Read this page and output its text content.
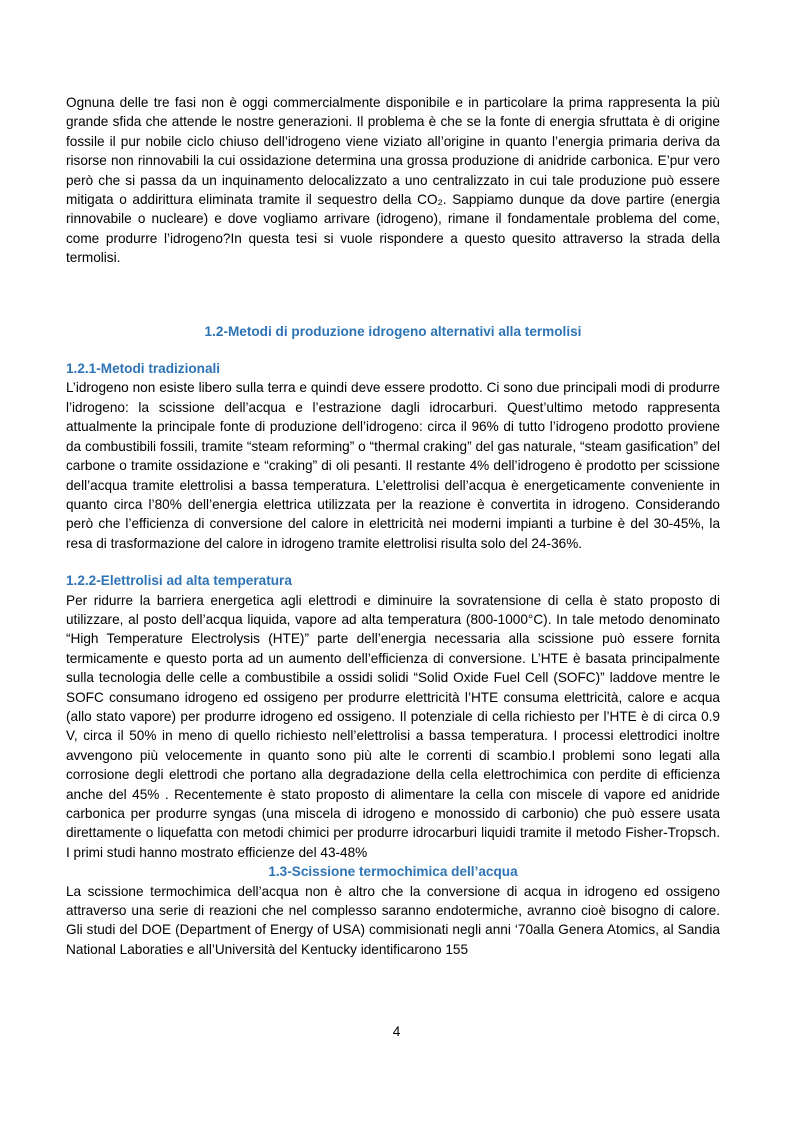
Ognuna delle tre fasi non è oggi commercialmente disponibile e in particolare la prima rappresenta la più grande sfida che attende le nostre generazioni. Il problema è che se la fonte di energia sfruttata è di origine fossile il pur nobile ciclo chiuso dell’idrogeno viene viziato all’origine in quanto l’energia primaria deriva da risorse non rinnovabili la cui ossidazione determina una grossa produzione di anidride carbonica. E’pur vero però che si passa da un inquinamento delocalizzato a uno centralizzato in cui tale produzione può essere mitigata o addirittura eliminata tramite il sequestro della CO₂. Sappiamo dunque da dove partire (energia rinnovabile o nucleare) e dove vogliamo arrivare (idrogeno), rimane il fondamentale problema del come, come produrre l’idrogeno?In questa tesi si vuole rispondere a questo quesito attraverso la strada della termolisi.

1.2-Metodi di produzione idrogeno alternativi alla termolisi

1.2.1-Metodi tradizionali

L’idrogeno non esiste libero sulla terra e quindi deve essere prodotto. Ci sono due principali modi di produrre l’idrogeno: la scissione dell’acqua e l’estrazione dagli idrocarburi. Quest’ultimo metodo rappresenta attualmente la principale fonte di produzione dell’idrogeno: circa il 96% di tutto l’idrogeno prodotto proviene da combustibili fossili, tramite “steam reforming” o “thermal craking” del gas naturale, “steam gasification” del carbone o tramite ossidazione e “craking” di oli pesanti. Il restante 4% dell’idrogeno è prodotto per scissione dell’acqua tramite elettrolisi a bassa temperatura. L’elettrolisi dell’acqua è energeticamente conveniente in quanto circa l’80% dell’energia elettrica utilizzata per la reazione è convertita in idrogeno. Considerando però che l’efficienza di conversione del calore in elettricità nei moderni impianti a turbine è del 30-45%, la resa di trasformazione del calore in idrogeno tramite elettrolisi risulta solo del 24-36%.

1.2.2-Elettrolisi ad alta temperatura

Per ridurre la barriera energetica agli elettrodi e diminuire la sovratensione di cella è stato proposto di utilizzare, al posto dell’acqua liquida, vapore ad alta temperatura (800-1000°C). In tale metodo denominato “High Temperature Electrolysis (HTE)” parte dell’energia necessaria alla scissione può essere fornita termicamente e questo porta ad un aumento dell’efficienza di conversione. L’HTE è basata principalmente sulla tecnologia delle celle a combustibile a ossidi solidi “Solid Oxide Fuel Cell (SOFC)” laddove mentre le SOFC consumano idrogeno ed ossigeno per produrre elettricità l’HTE consuma elettricità, calore e acqua (allo stato vapore) per produrre idrogeno ed ossigeno. Il potenziale di cella richiesto per l’HTE è di circa 0.9 V, circa il 50% in meno di quello richiesto nell’elettrolisi a bassa temperatura. I processi elettrodici inoltre avvengono più velocemente in quanto sono più alte le correnti di scambio.I problemi sono legati alla corrosione degli elettrodi che portano alla degradazione della cella elettrochimica con perdite di efficienza anche del 45% . Recentemente è stato proposto di alimentare la cella con miscele di vapore ed anidride carbonica per produrre syngas (una miscela di idrogeno e monossido di carbonio) che può essere usata direttamente o liquefatta con metodi chimici per produrre idrocarburi liquidi tramite il metodo Fisher-Tropsch. I primi studi hanno mostrato efficienze del 43-48%

1.3-Scissione termochimica dell’acqua

La scissione termochimica dell’acqua non è altro che la conversione di acqua in idrogeno ed ossigeno attraverso una serie di reazioni che nel complesso saranno endotermiche, avranno cioè bisogno di calore. Gli studi del DOE (Department of Energy of USA) commisionati negli anni ‘70alla Genera Atomics, al Sandia National Laboraties e all’Università del Kentucky identificarono 155

4
